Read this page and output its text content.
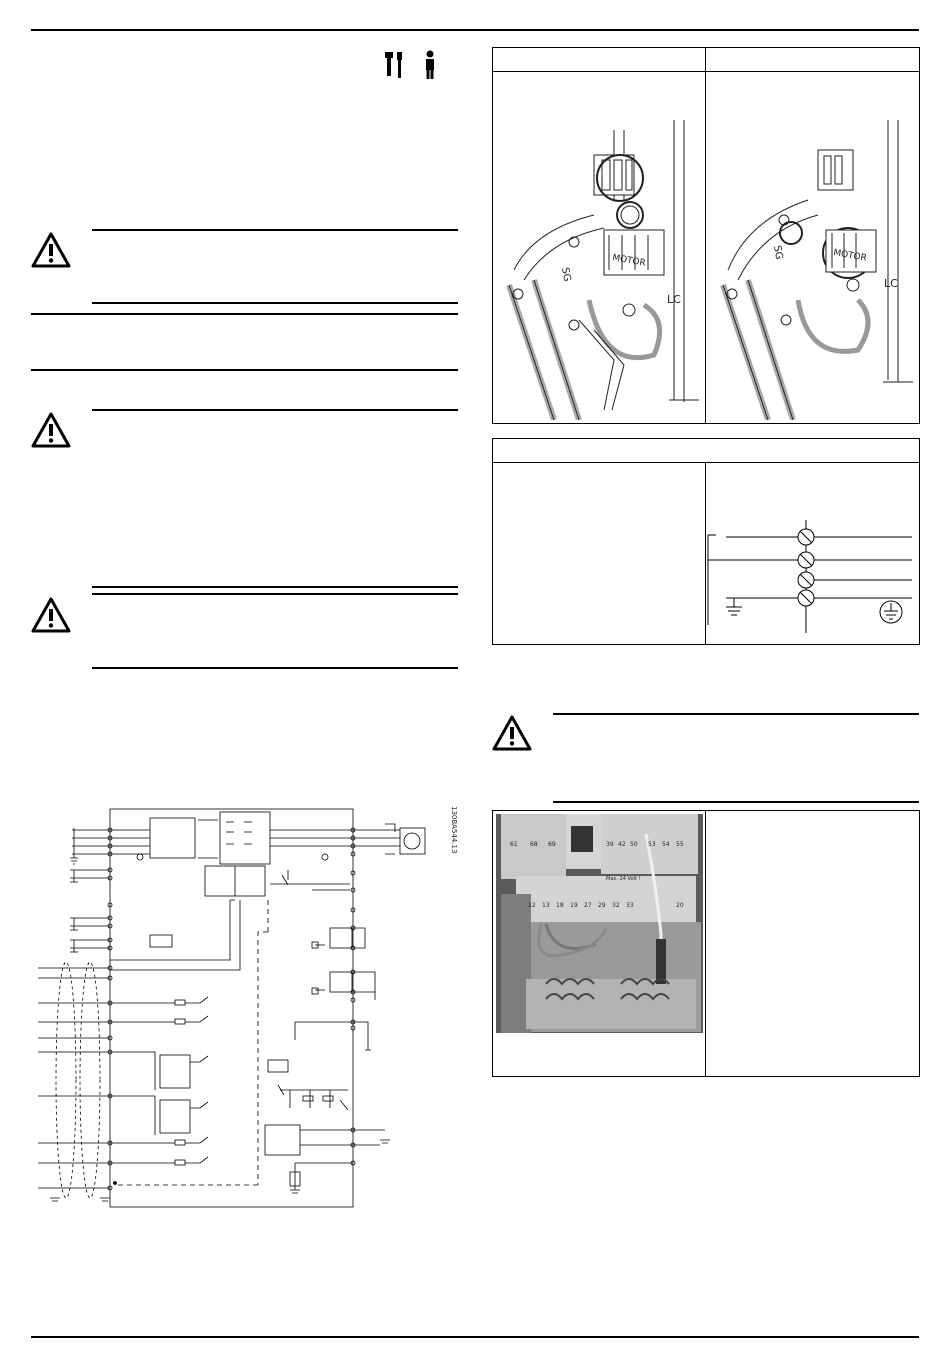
130BA544.13
MOTOR
SG
LC
MOTOR
SG
LC
61 68 69	39 42 50 53 54 55
Max. 24 Volt !
12 13 18 19 27 29 32 33	20
